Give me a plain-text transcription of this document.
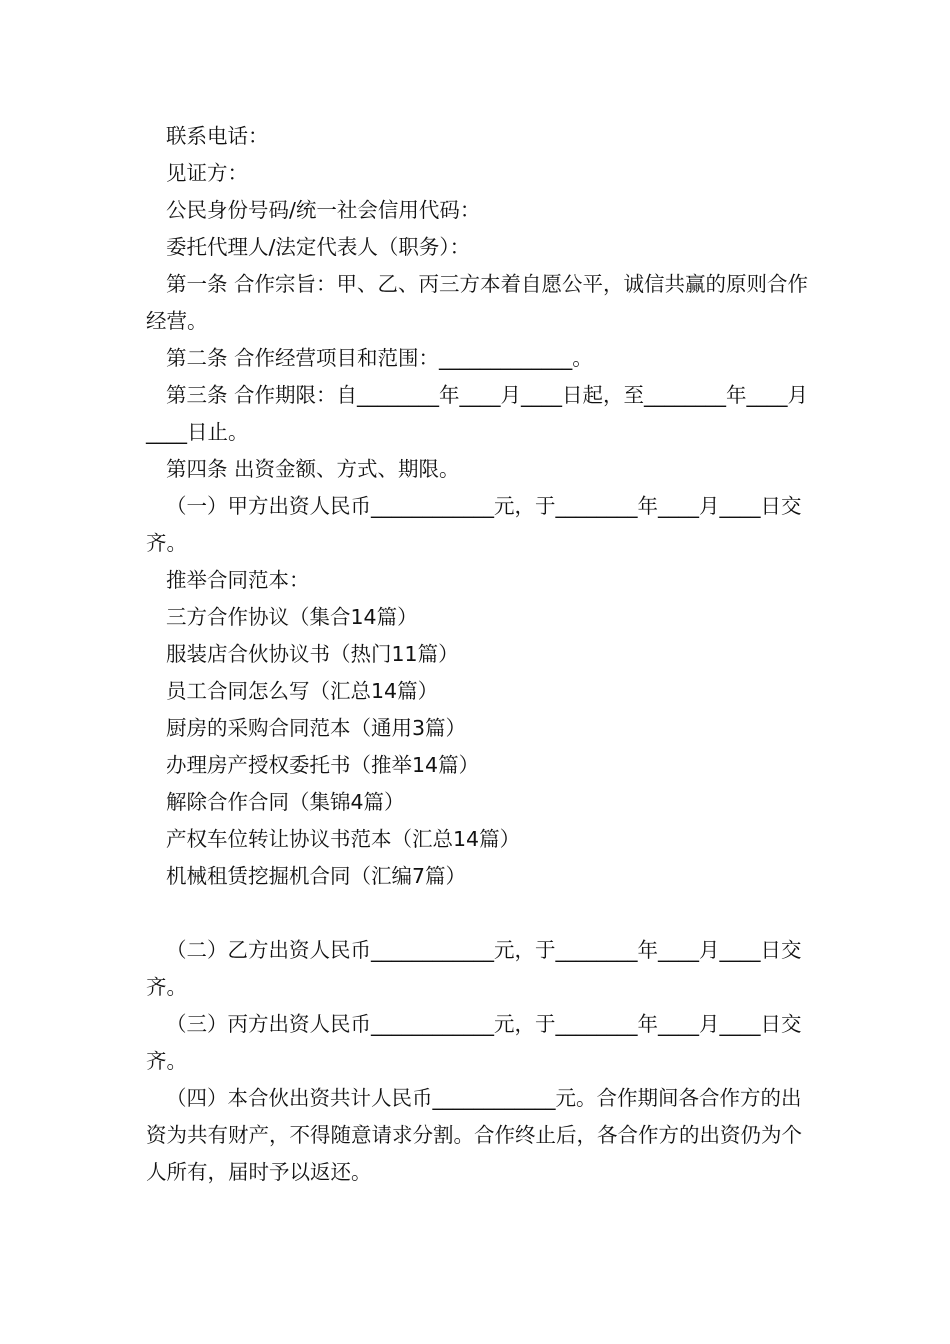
联系电话：

见证方：

公民身份号码/统一社会信用代码：

委托代理人/法定代表人（职务）：

第一条 合作宗旨：甲、乙、丙三方本着自愿公平，诚信共赢的原则合作经营。

第二条 合作经营项目和范围：_____________。

第三条 合作期限：自________年____月____日起，至________年____月____日止。

第四条 出资金额、方式、期限。

（一）甲方出资人民币____________元，于________年____月____日交齐。

推举合同范本：

三方合作协议（集合14篇）

服装店合伙协议书（热门11篇）

员工合同怎么写（汇总14篇）

厨房的采购合同范本（通用3篇）

办理房产授权委托书（推举14篇）

解除合作合同（集锦4篇）

产权车位转让协议书范本（汇总14篇）

机械租赁挖掘机合同（汇编7篇）

（二）乙方出资人民币____________元，于________年____月____日交齐。

（三）丙方出资人民币____________元，于________年____月____日交齐。

（四）本合伙出资共计人民币____________元。合作期间各合作方的出资为共有财产，不得随意请求分割。合作终止后，各合作方的出资仍为个人所有，届时予以返还。
